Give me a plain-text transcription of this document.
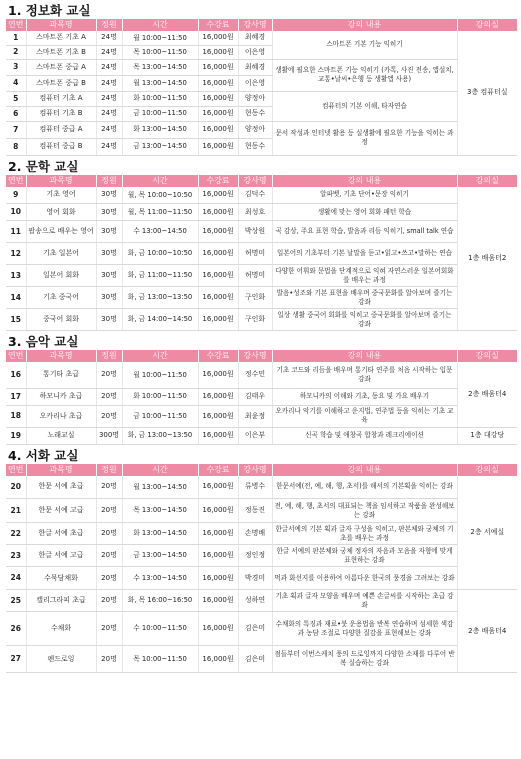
1. 정보화 교실
연번	과목명	정원	시간	수강료	강사명	강의 내용	강의실
1	스마트폰 기초 A	24명	월 10:00~11:50	16,000원	최혜경	스마트폰 기본 기능 익히기	3층 컴퓨터실
2	스마트폰 기초 B	24명	목 10:00~11:50	16,000원	이은영		
3	스마트폰 중급 A	24명	목 13:00~14:50	16,000원	최혜경	생활에 필요한 스마트폰 기능 익히기 (카톡, 사진 전송, 앱설치, 교통•날씨•은행 등 생활앱 사용)	
4	스마트폰 중급 B	24명	월 13:00~14:50	16,000원	이은영		
5	컴퓨터 기초 A	24명	화 10:00~11:50	16,000원	양정아	컴퓨터의 기본 이해, 타자연습	
6	컴퓨터 기초 B	24명	금 10:00~11:50	16,000원	현동수		
7	컴퓨터 중급 A	24명	화 13:00~14:50	16,000원	양정아	문서 작성과 인터넷 활용 등 실생활에 필요한 기능을 익히는 과정	
8	컴퓨터 중급 B	24명	금 13:00~14:50	16,000원	현동수		
2. 문학 교실
연번	과목명	정원	시간	수강료	강사명	강의 내용	강의실
9	기초 영어	30명	월, 목 10:00~10:50	16,000원	김덕수	알파벳, 기초 단어•문장 익히기	1층 배움터2
10	영어 회화	30명	월, 목 11:00~11:50	16,000원	최성호	생활에 맞는 영어 회화 패턴 학습	
11	팝송으로 배우는 영어	30명	수 13:00~14:50	16,000원	박상원	곡 감상, 주요 표현 학습, 발음과 리듬 익히기, small talk 연습	
12	기초 일본어	30명	화, 금 10:00~10:50	16,000원	허명미	일본어의 기초부터 기본 날말을 듣고•읽고•쓰고•말하는 연습	
13	일본어 회화	30명	화, 금 11:00~11:50	16,000원	허명미	다양한 어휘와 문법을 단계적으로 익혀 자연스러운 일본어회화를 배우는 과정	
14	기초 중국어	30명	화, 금 13:00~13:50	16,000원	구인화	발음•성조와 기본 표현을 배우며 중국문화를 알아보며 즐기는 강좌	
15	중국어 회화	30명	화, 금 14:00~14:50	16,000원	구인화	일상 생활 중국어 회화를 익히고 중국문화를 알아보며 즐기는 강좌	
3. 음악 교실
연번	과목명	정원	시간	수강료	강사명	강의 내용	강의실
16	통기타 초급	20명	월 10:00~11:50	16,000원	정수민	기초 코드와 리듬을 배우며 통기타 연주를 처음 시작하는 입문 강좌	2층 배움터4
17	하모니카 초급	20명	화 10:00~11:50	16,000원	김태우	하모니카의 이해와 기초, 동요 및 가요 배우기	
18	오카리나 초급	20명	금 10:00~11:50	16,000원	최윤정	오카리나 악기를 이해하고 운지법, 연주법 등을 익히는 기초 교육	
19	노래교실	300명	화, 금 13:00~13:50	16,000원	이은부	신곡 학습 및 애창곡 합창과 레크리에이션	1층 대강당
4. 서화 교실
연번	과목명	정원	시간	수강료	강사명	강의 내용	강의실
20	한문 서예 초급	20명	월 13:00~14:50	16,000원	류병수	한문서예(전, 예, 해, 행, 초서)를 해서의 기본획을 익히는 강좌	2층 서예실
21	한문 서예 고급	20명	목 13:00~14:50	16,000원	정동진	전, 예, 해, 행, 초서의 대표되는 책을 임서하고 작품을 완성해보는 강좌	
22	한글 서예 초급	20명	화 13:00~14:50	16,000원	손명배	한글서예의 기본 획과 글자 구성을 익히고, 판본체와 궁체의 기초를 배우는 과정	
23	한글 서예 고급	20명	금 13:00~14:50	16,000원	정인정	한글 서예의 판본체와 궁체 정자의 자음과 모음을 자형에 맞게 표현하는 강좌	
24	수묵담채화	20명	수 13:00~14:50	16,000원	박경미	먹과 화선지를 이용하여 아름다운 한국의 풍경을 그려보는 강좌	
25	캘리그라피 초급	20명	화, 목 16:00~16:50	16,000원	성하연	기초 획과 글자 모양을 배우며 예쁜 손글씨를 시작하는 초급 강좌	2층 배움터4
26	수채화	20명	수 10:00~11:50	16,000원	김은미	수채화의 특징과 재료•붓 운용법을 반복 연습하며 섬세한 색감과 농담 조절로 다양한 질감을 표현해보는 강좌	
27	펜드로잉	20명	목 10:00~11:50	16,000원	김은미	점들부터 이번스케치 풍의 드로잉까지 다양한 소재를 다루어 반복 실습하는 강좌	
